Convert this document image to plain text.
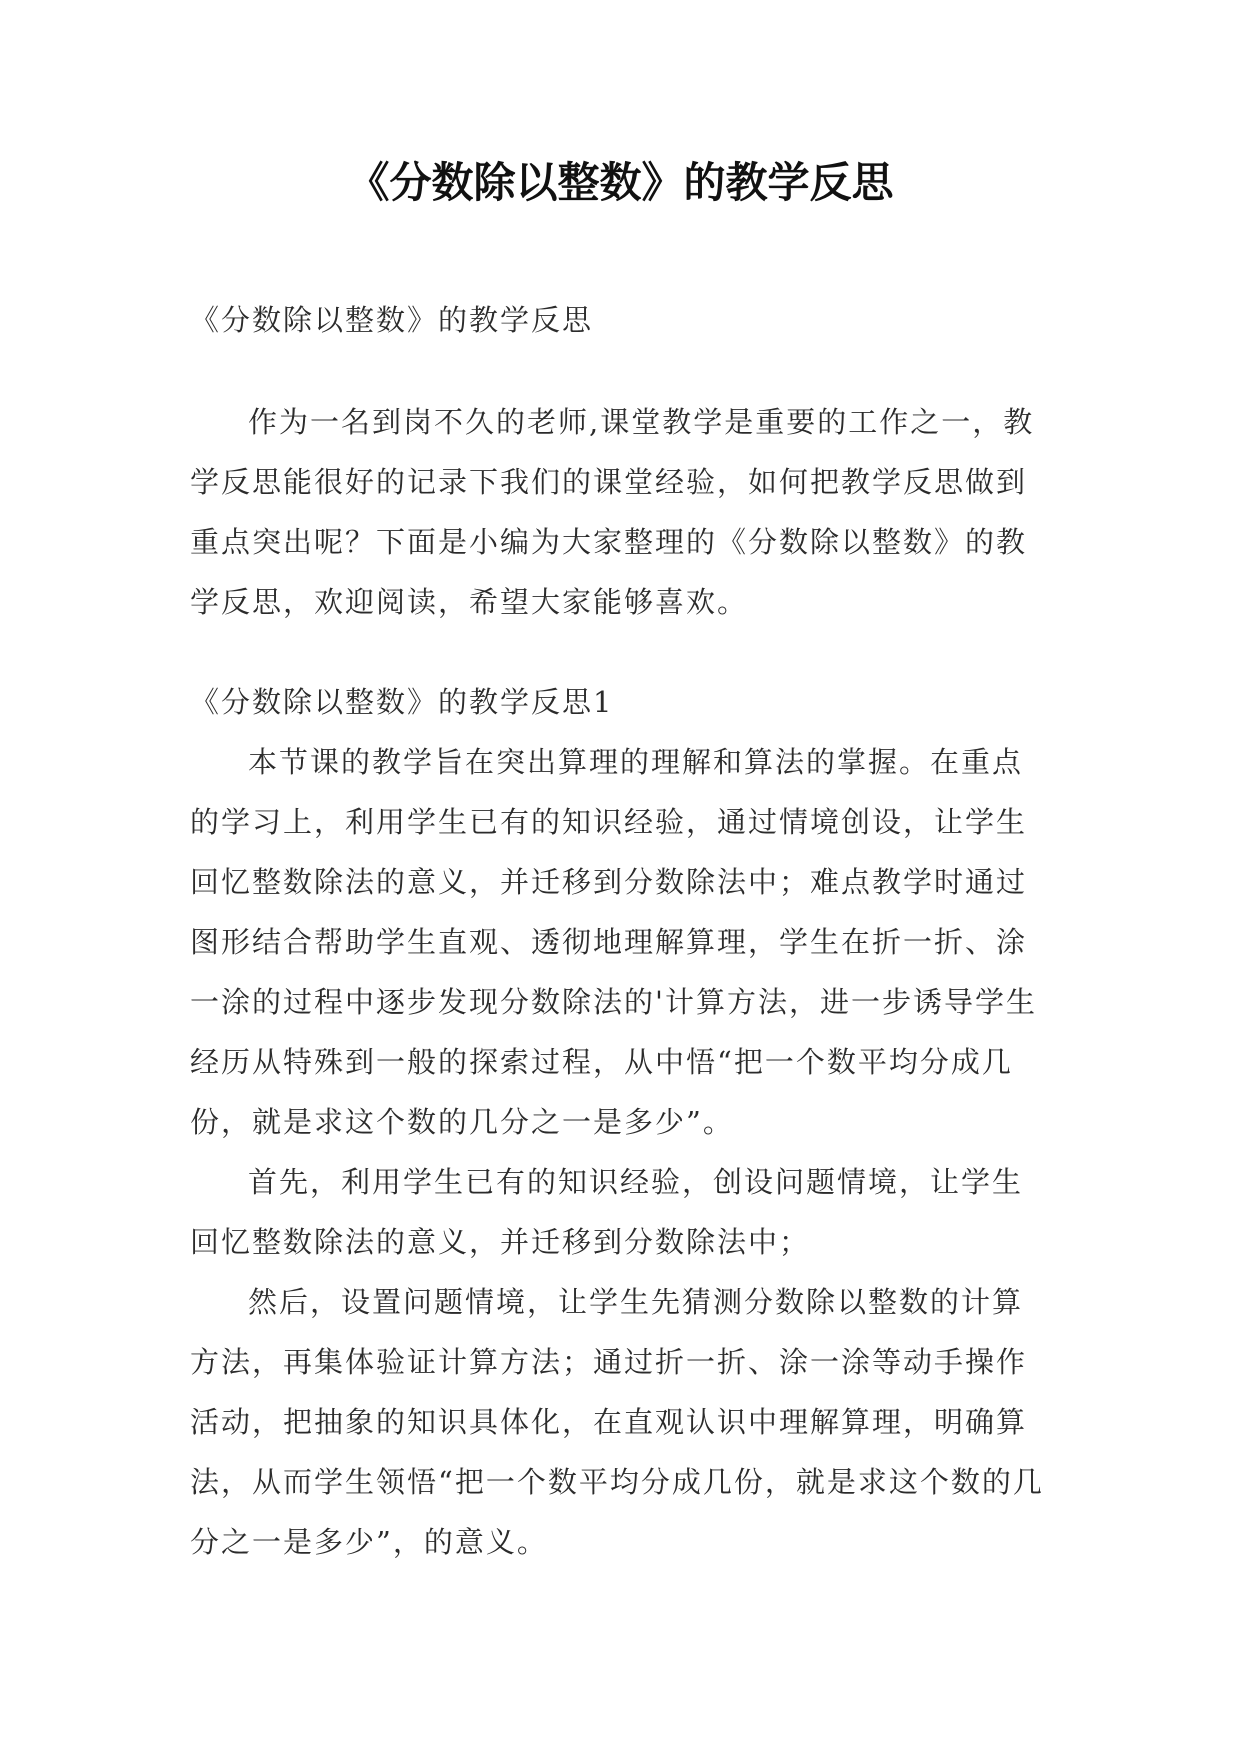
《分数除以整数》的教学反思

《分数除以整数》的教学反思

作为一名到岗不久的老师,课堂教学是重要的工作之一，教学反思能很好的记录下我们的课堂经验，如何把教学反思做到重点突出呢？下面是小编为大家整理的《分数除以整数》的教学反思，欢迎阅读，希望大家能够喜欢。

《分数除以整数》的教学反思1

本节课的教学旨在突出算理的理解和算法的掌握。在重点的学习上，利用学生已有的知识经验，通过情境创设，让学生回忆整数除法的意义，并迁移到分数除法中；难点教学时通过图形结合帮助学生直观、透彻地理解算理，学生在折一折、涂一涂的过程中逐步发现分数除法的'计算方法，进一步诱导学生经历从特殊到一般的探索过程，从中悟“把一个数平均分成几份，就是求这个数的几分之一是多少”。

首先，利用学生已有的知识经验，创设问题情境，让学生回忆整数除法的意义，并迁移到分数除法中；

然后，设置问题情境，让学生先猜测分数除以整数的计算方法，再集体验证计算方法；通过折一折、涂一涂等动手操作活动，把抽象的知识具体化，在直观认识中理解算理，明确算法，从而学生领悟“把一个数平均分成几份，就是求这个数的几分之一是多少”，的意义。
